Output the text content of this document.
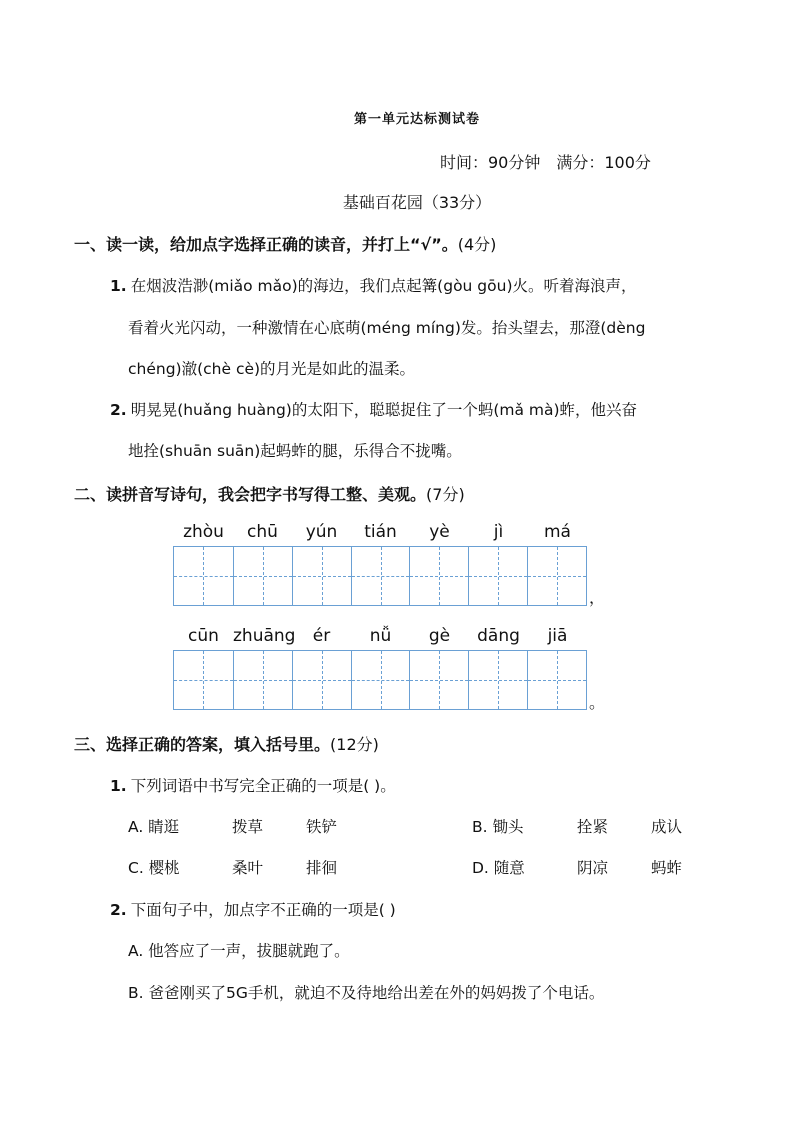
第一单元达标测试卷
时间：90分钟 满分：100分
基础百花园（33分）
一、读一读，给加点字选择正确的读音，并打上“√”。(4分)
1. 在烟波浩渺(miǎo mǎo)的海边，我们点起篝(gòu gōu)火。听着海浪声，
看着火光闪动，一种激情在心底萌(méng míng)发。抬头望去，那澄(dèng
chéng)澈(chè cè)的月光是如此的温柔。
2. 明晃晃(huǎng huàng)的太阳下，聪聪捉住了一个蚂(mǎ mà)蚱，他兴奋
地拴(shuān suān)起蚂蚱的腿，乐得合不拢嘴。
二、读拼音写诗句，我会把字书写得工整、美观。(7分)
zhòu	chū	yún	tián	yè	jì	má
，
cūn zhuāng	ér	nǚ	gè	dāng	jiā
。
三、选择正确的答案，填入括号里。(12分)
1. 下列词语中书写完全正确的一项是( )。
A. 睛逛	拨草	铁铲	B. 锄头	拴紧	成认
C. 樱桃	桑叶	排徊	D. 随意	阴凉	蚂蚱
2. 下面句子中，加点字不正确的一项是( )
A. 他答应了一声，拔腿就跑了。
B. 爸爸刚买了5G手机，就迫不及待地给出差在外的妈妈拨了个电话。
